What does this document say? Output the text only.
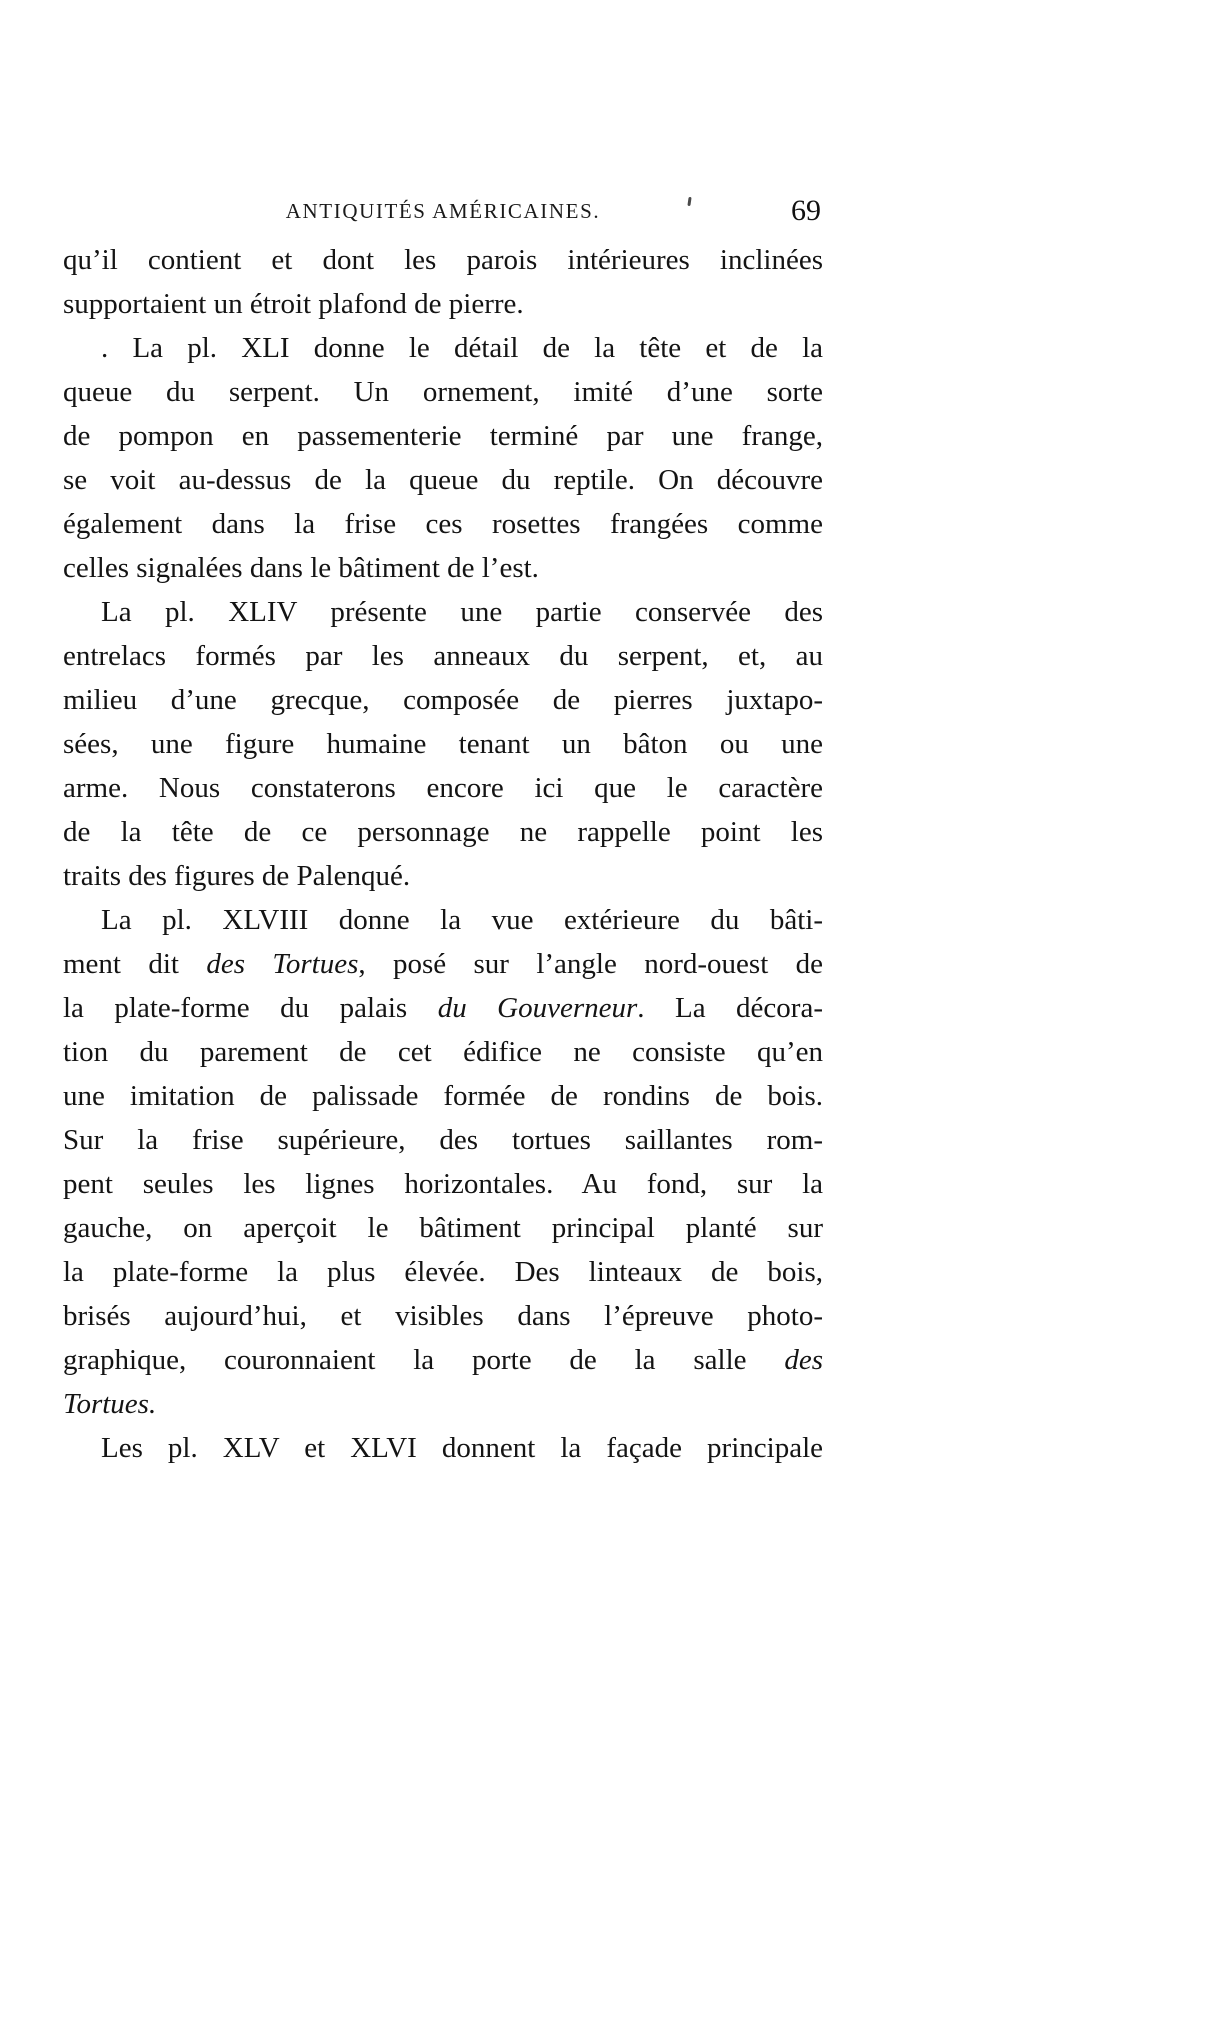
ANTIQUITÉS AMÉRICAINES.	69
qu’il contient et dont les parois intérieures inclinées
supportaient un étroit plafond de pierre.
. La pl. XLI donne le détail de la tête et de la
queue du serpent. Un ornement, imité d’une sorte
de pompon en passementerie terminé par une frange,
se voit au-dessus de la queue du reptile. On découvre
également dans la frise ces rosettes frangées comme
celles signalées dans le bâtiment de l’est.
La pl. XLIV présente une partie conservée des
entrelacs formés par les anneaux du serpent, et, au
milieu d’une grecque, composée de pierres juxtapo-
sées, une figure humaine tenant un bâton ou une
arme. Nous constaterons encore ici que le caractère
de la tête de ce personnage ne rappelle point les
traits des figures de Palenqué.
La pl. XLVIII donne la vue extérieure du bâti-
ment dit des Tortues, posé sur l’angle nord-ouest de
la plate-forme du palais du Gouverneur. La décora-
tion du parement de cet édifice ne consiste qu’en
une imitation de palissade formée de rondins de bois.
Sur la frise supérieure, des tortues saillantes rom-
pent seules les lignes horizontales. Au fond, sur la
gauche, on aperçoit le bâtiment principal planté sur
la plate-forme la plus élevée. Des linteaux de bois,
brisés aujourd’hui, et visibles dans l’épreuve photo-
graphique, couronnaient la porte de la salle des
Tortues.
Les pl. XLV et XLVI donnent la façade principale
